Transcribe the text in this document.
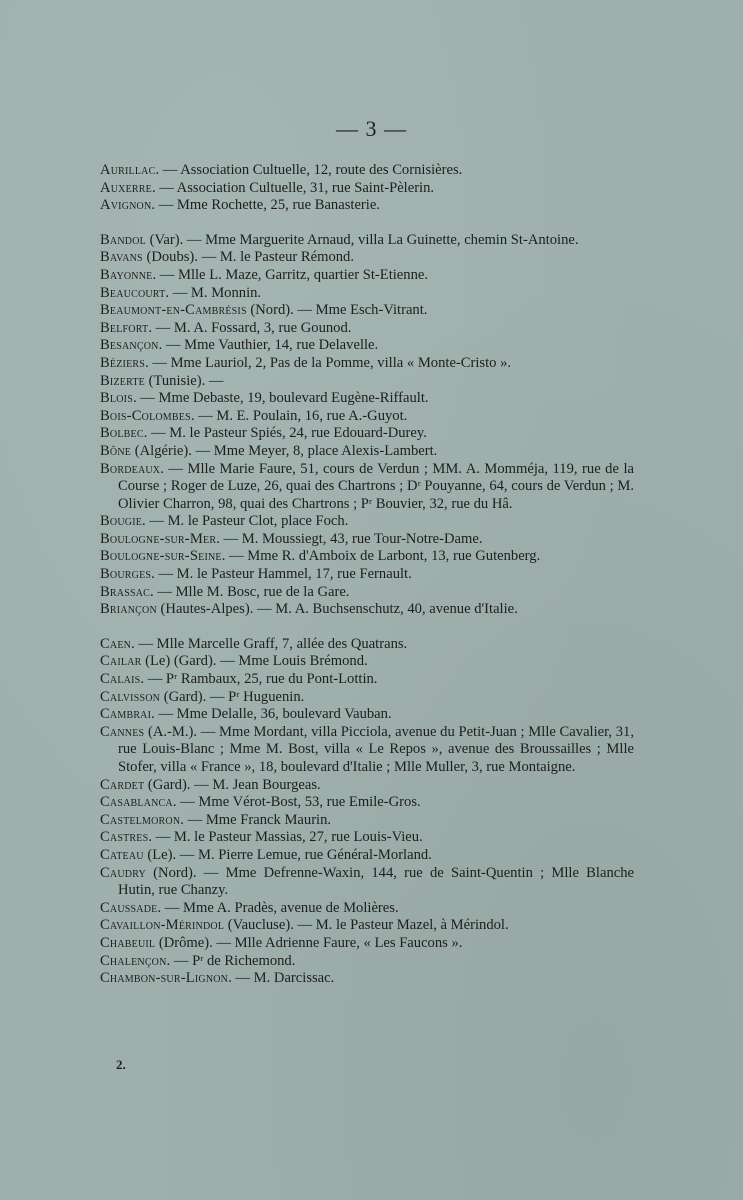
— 3 —

Aurillac. — Association Cultuelle, 12, route des Cornisières.

Auxerre. — Association Cultuelle, 31, rue Saint-Pèlerin.

Avignon. — Mme Rochette, 25, rue Banasterie.

Bandol (Var). — Mme Marguerite Arnaud, villa La Guinette, chemin St-Antoine.

Bavans (Doubs). — M. le Pasteur Rémond.

Bayonne. — Mlle L. Maze, Garritz, quartier St-Etienne.

Beaucourt. — M. Monnin.

Beaumont-en-Cambrésis (Nord). — Mme Esch-Vitrant.

Belfort. — M. A. Fossard, 3, rue Gounod.

Besançon. — Mme Vauthier, 14, rue Delavelle.

Béziers. — Mme Lauriol, 2, Pas de la Pomme, villa « Monte-Cristo ».

Bizerte (Tunisie). —

Blois. — Mme Debaste, 19, boulevard Eugène-Riffault.

Bois-Colombes. — M. E. Poulain, 16, rue A.-Guyot.

Bolbec. — M. le Pasteur Spiés, 24, rue Edouard-Durey.

Bône (Algérie). — Mme Meyer, 8, place Alexis-Lambert.

Bordeaux. — Mlle Marie Faure, 51, cours de Verdun ; MM. A. Momméja, 119, rue de la Course ; Roger de Luze, 26, quai des Chartrons ; Dʳ Pouyanne, 64, cours de Verdun ; M. Olivier Charron, 98, quai des Chartrons ; Pʳ Bouvier, 32, rue du Hâ.

Bougie. — M. le Pasteur Clot, place Foch.

Boulogne-sur-Mer. — M. Moussiegt, 43, rue Tour-Notre-Dame.

Boulogne-sur-Seine. — Mme R. d'Amboix de Larbont, 13, rue Gutenberg.

Bourges. — M. le Pasteur Hammel, 17, rue Fernault.

Brassac. — Mlle M. Bosc, rue de la Gare.

Briançon (Hautes-Alpes). — M. A. Buchsenschutz, 40, avenue d'Italie.

Caen. — Mlle Marcelle Graff, 7, allée des Quatrans.

Cailar (Le) (Gard). — Mme Louis Brémond.

Calais. — Pʳ Rambaux, 25, rue du Pont-Lottin.

Calvisson (Gard). — Pʳ Huguenin.

Cambrai. — Mme Delalle, 36, boulevard Vauban.

Cannes (A.-M.). — Mme Mordant, villa Picciola, avenue du Petit-Juan ; Mlle Cavalier, 31, rue Louis-Blanc ; Mme M. Bost, villa « Le Repos », avenue des Broussailles ; Mlle Stofer, villa « France », 18, boulevard d'Italie ; Mlle Muller, 3, rue Montaigne.

Cardet (Gard). — M. Jean Bourgeas.

Casablanca. — Mme Vérot-Bost, 53, rue Emile-Gros.

Castelmoron. — Mme Franck Maurin.

Castres. — M. le Pasteur Massias, 27, rue Louis-Vieu.

Cateau (Le). — M. Pierre Lemue, rue Général-Morland.

Caudry (Nord). — Mme Defrenne-Waxin, 144, rue de Saint-Quentin ; Mlle Blanche Hutin, rue Chanzy.

Caussade. — Mme A. Pradès, avenue de Molières.

Cavaillon-Mérindol (Vaucluse). — M. le Pasteur Mazel, à Mérindol.

Chabeuil (Drôme). — Mlle Adrienne Faure, « Les Faucons ».

Chalençon. — Pʳ de Richemond.

Chambon-sur-Lignon. — M. Darcissac.

2.
